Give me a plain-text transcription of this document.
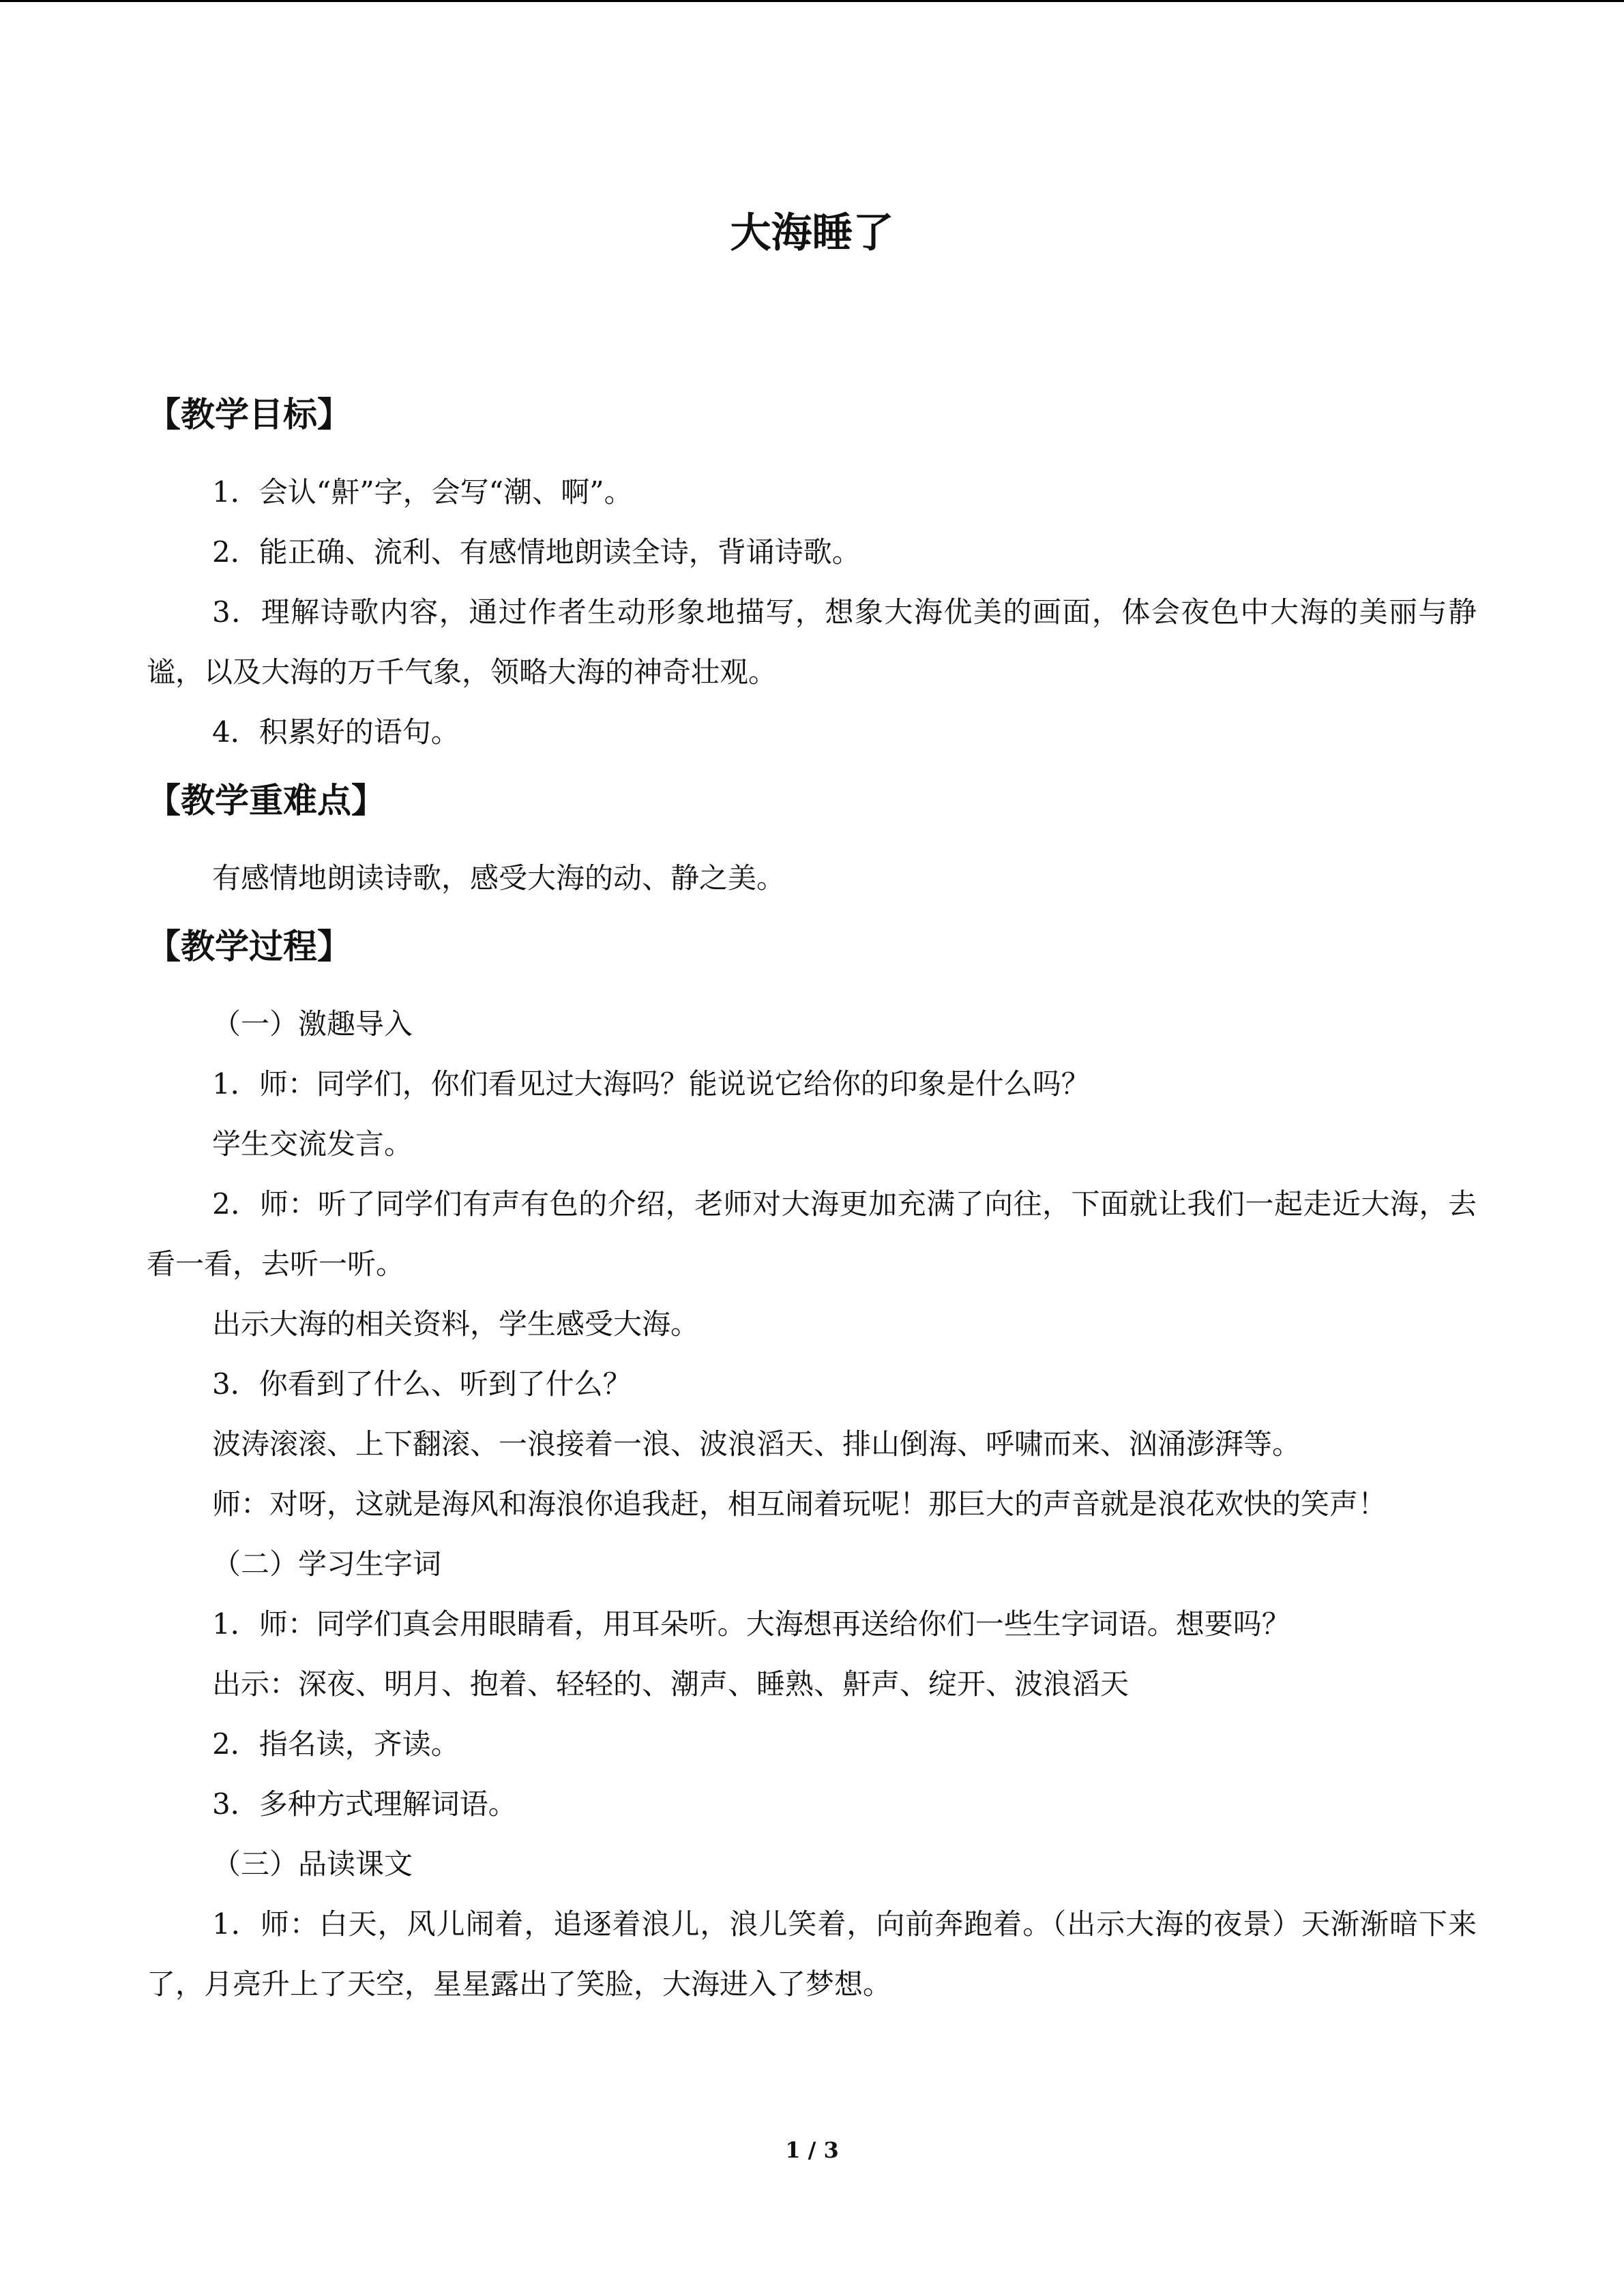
大海睡了
【教学目标】

1．会认“鼾”字，会写“潮、啊”。

2．能正确、流利、有感情地朗读全诗，背诵诗歌。

3．理解诗歌内容，通过作者生动形象地描写，想象大海优美的画面，体会夜色中大海的美丽与静谧，以及大海的万千气象，领略大海的神奇壮观。

4．积累好的语句。

【教学重难点】

有感情地朗读诗歌，感受大海的动、静之美。

【教学过程】

（一）激趣导入

1．师：同学们，你们看见过大海吗？能说说它给你的印象是什么吗？

学生交流发言。

2．师：听了同学们有声有色的介绍，老师对大海更加充满了向往，下面就让我们一起走近大海，去看一看，去听一听。

出示大海的相关资料，学生感受大海。

3．你看到了什么、听到了什么？

波涛滚滚、上下翻滚、一浪接着一浪、波浪滔天、排山倒海、呼啸而来、汹涌澎湃等。

师：对呀，这就是海风和海浪你追我赶，相互闹着玩呢！那巨大的声音就是浪花欢快的笑声！

（二）学习生字词

1．师：同学们真会用眼睛看，用耳朵听。大海想再送给你们一些生字词语。想要吗？

出示：深夜、明月、抱着、轻轻的、潮声、睡熟、鼾声、绽开、波浪滔天

2．指名读，齐读。

3．多种方式理解词语。

（三）品读课文

1．师：白天，风儿闹着，追逐着浪儿，浪儿笑着，向前奔跑着。（出示大海的夜景）天渐渐暗下来了，月亮升上了天空，星星露出了笑脸，大海进入了梦想。

1 / 3
